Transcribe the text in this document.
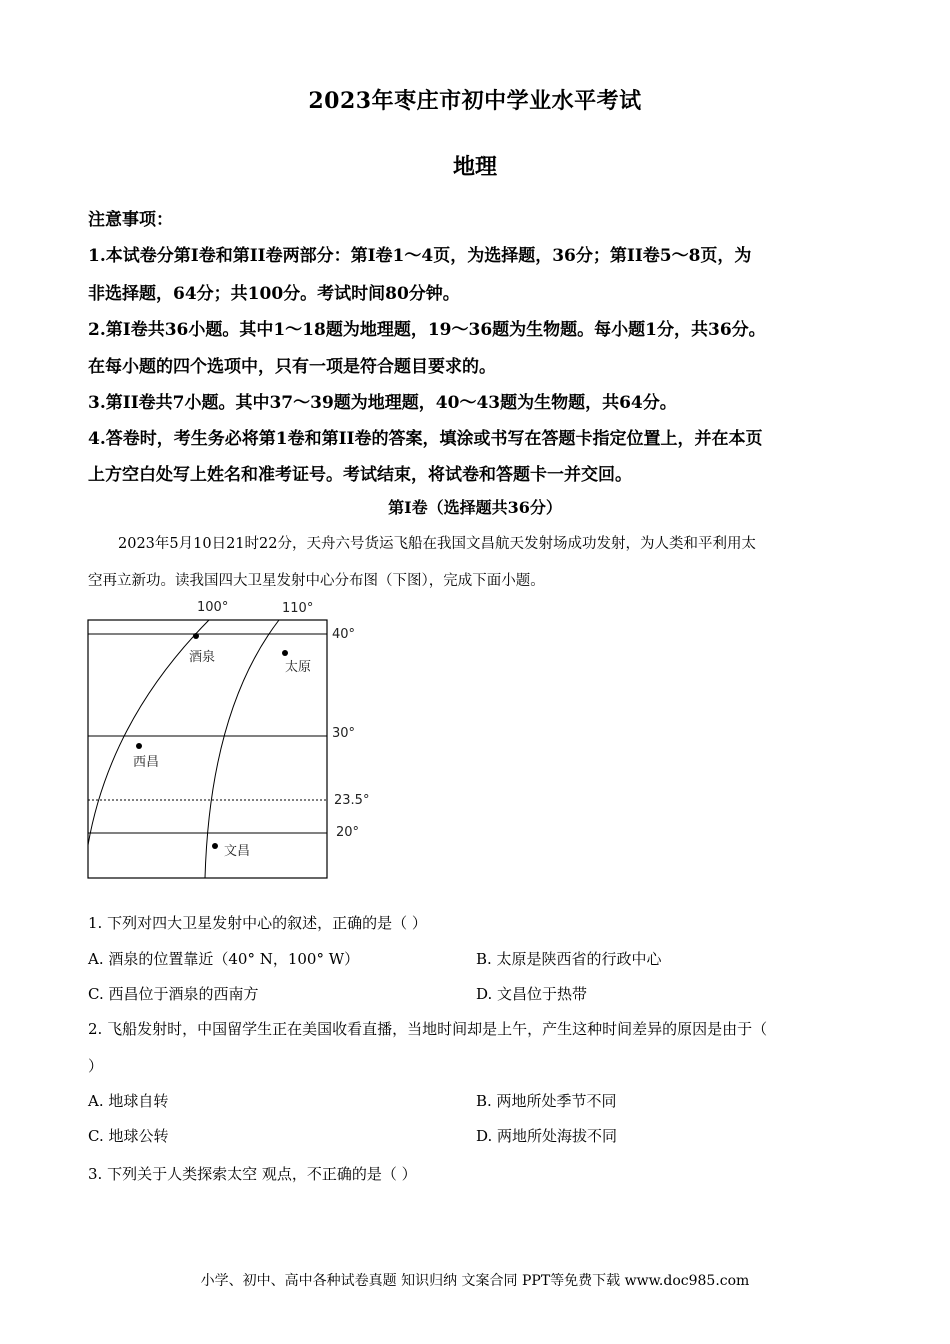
2023年枣庄市初中学业水平考试
地理
注意事项：
1.本试卷分第I卷和第II卷两部分：第I卷1～4页，为选择题，36分；第II卷5～8页，为
非选择题，64分；共100分。考试时间80分钟。
2.第I卷共36小题。其中1～18题为地理题，19～36题为生物题。每小题1分，共36分。
在每小题的四个选项中，只有一项是符合题目要求的。
3.第II卷共7小题。其中37～39题为地理题，40～43题为生物题，共64分。
4.答卷时，考生务必将第1卷和第II卷的答案，填涂或书写在答题卡指定位置上，并在本页
上方空白处写上姓名和准考证号。考试结束，将试卷和答题卡一并交回。
第I卷（选择题共36分）
2023年5月10日21时22分，天舟六号货运飞船在我国文昌航天发射场成功发射，为人类和平利用太
空再立新功。读我国四大卫星发射中心分布图（下图），完成下面小题。
100°	110°
40°
30°
23.5°
20°
酒泉
太原
西昌
文昌
1. 下列对四大卫星发射中心的叙述，正确的是（ ）
A. 酒泉的位置靠近（40° N，100° W）	B. 太原是陕西省的行政中心
C. 西昌位于酒泉的西南方	D. 文昌位于热带
2. 飞船发射时，中国留学生正在美国收看直播，当地时间却是上午，产生这种时间差异的原因是由于（
）
A. 地球自转	B. 两地所处季节不同
C. 地球公转	D. 两地所处海拔不同
3. 下列关于人类探索太空 观点，不正确的是（ ）
小学、初中、高中各种试卷真题 知识归纳 文案合同 PPT等免费下载 www.doc985.com
